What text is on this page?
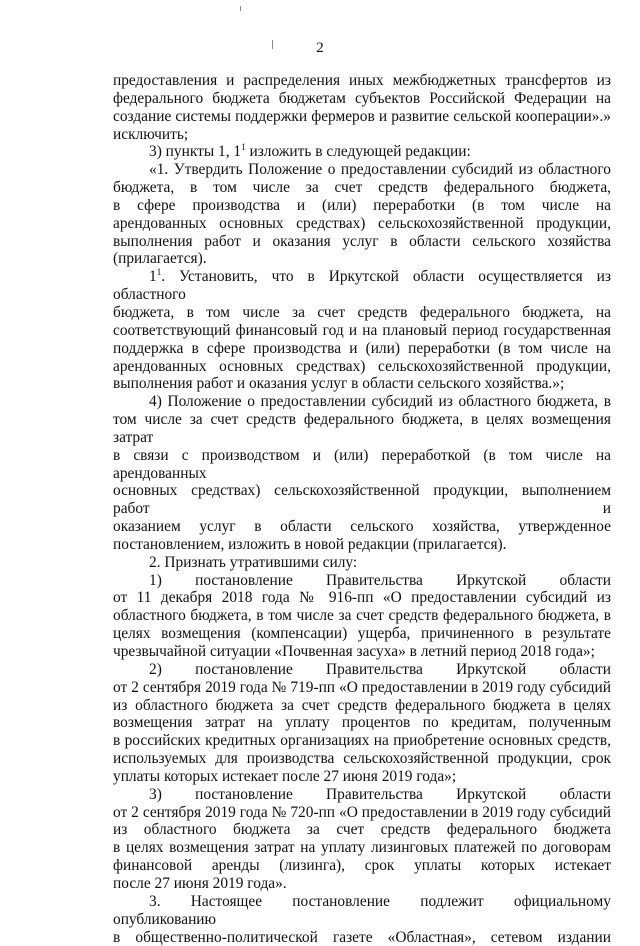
2

предоставления и распределения иных межбюджетных трансфертов из

федерального бюджета бюджетам субъектов Российской Федерации на

создание системы поддержки фермеров и развитие сельской кооперации».»

исключить;

3) пункты 1, $1^1$ изложить в следующей редакции:

«1. Утвердить Положение о предоставлении субсидий из областного

бюджета, в том числе за счет средств федерального бюджета,

в сфере производства и (или) переработки (в том числе на

арендованных основных средствах) сельскохозяйственной продукции,

выполнения работ и оказания услуг в области сельского хозяйства

(прилагается).

$1^1$. Установить, что в Иркутской области осуществляется из областного

бюджета, в том числе за счет средств федерального бюджета, на

соответствующий финансовый год и на плановый период государственная

поддержка в сфере производства и (или) переработки (в том числе на

арендованных основных средствах) сельскохозяйственной продукции,

выполнения работ и оказания услуг в области сельского хозяйства.»;

4) Положение о предоставлении субсидий из областного бюджета, в

том числе за счет средств федерального бюджета, в целях возмещения затрат

в связи с производством и (или) переработкой (в том числе на арендованных

основных средствах) сельскохозяйственной продукции, выполнением работ и

оказанием услуг в области сельского хозяйства, утвержденное

постановлением, изложить в новой редакции (прилагается).

2. Признать утратившими силу:

1) постановление Правительства Иркутской области

от 11 декабря 2018 года № 916-пп «О предоставлении субсидий из

областного бюджета, в том числе за счет средств федерального бюджета, в

целях возмещения (компенсации) ущерба, причиненного в результате

чрезвычайной ситуации «Почвенная засуха» в летний период 2018 года»;

2) постановление Правительства Иркутской области

от 2 сентября 2019 года № 719-пп «О предоставлении в 2019 году субсидий

из областного бюджета за счет средств федерального бюджета в целях

возмещения затрат на уплату процентов по кредитам, полученным

в российских кредитных организациях на приобретение основных средств,

используемых для производства сельскохозяйственной продукции, срок

уплаты которых истекает после 27 июня 2019 года»;

3) постановление Правительства Иркутской области

от 2 сентября 2019 года № 720-пп «О предоставлении в 2019 году субсидий

из областного бюджета за счет средств федерального бюджета

в целях возмещения затрат на уплату лизинговых платежей по договорам

финансовой аренды (лизинга), срок уплаты которых истекает

после 27 июня 2019 года».

3. Настоящее постановление подлежит официальному опубликованию

в общественно-политической газете «Областная», сетевом издании
